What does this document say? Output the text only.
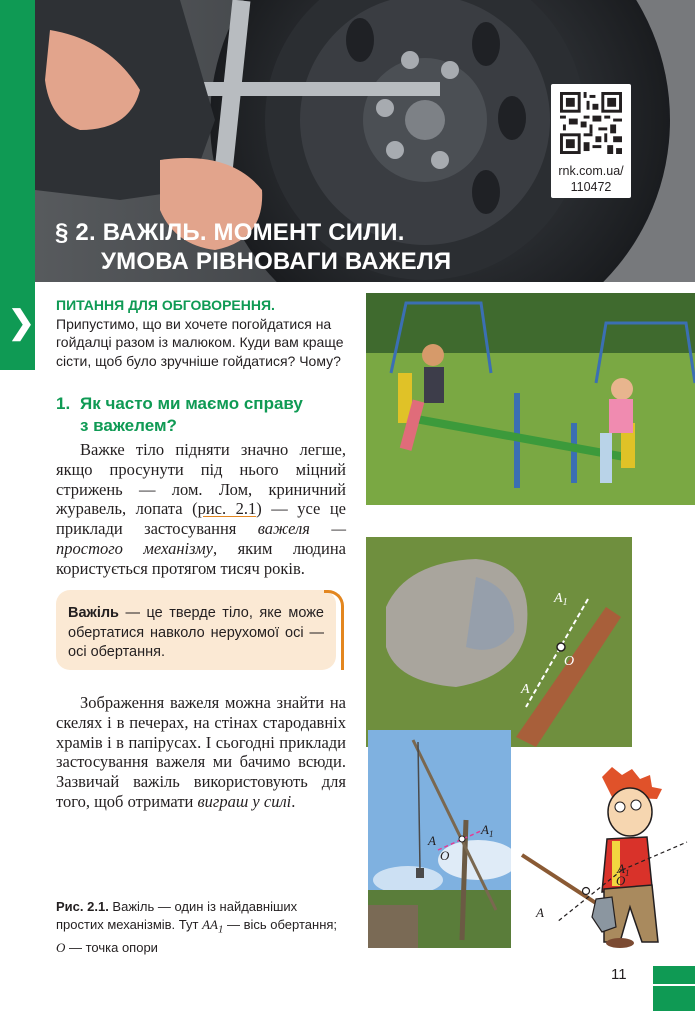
rnk.com.ua/
110472
§ 2. ВАЖІЛЬ. МОМЕНТ СИЛИ.
УМОВА РІВНОВАГИ ВАЖЕЛЯ
❯ ПИТАННЯ ДЛЯ ОБГОВОРЕННЯ. Припустимо, що ви хочете погойдатися на гойдалці разом із малюком. Куди вам краще сісти, щоб було зручніше гойдатися? Чому?
1. Як часто ми маємо справу
з важелем?
Важке тіло підняти значно легше, якщо просунути під нього міцний стрижень — лом. Лом, криничний журавель, лопата (рис. 2.1) — усе це приклади застосування важеля — простого механізму, яким людина користується протягом тисяч років.
Важіль — це тверде тіло, яке може обертатися навколо нерухомої осі — осі обертання.
Зображення важеля можна знайти на скелях і в печерах, на стінах стародавніх храмів і в папірусах. І сьогодні приклади застосування важеля ми бачимо всюди. Зазвичай важіль використовують для того, щоб отримати виграш у силі.
Рис. 2.1. Важіль — один із найдавніших простих механізмів. Тут $AA_1$ — вісь обертання; O — точка опори
$A_1$
O
A
A
O
$A_1$
O
A
$A_1$
11
